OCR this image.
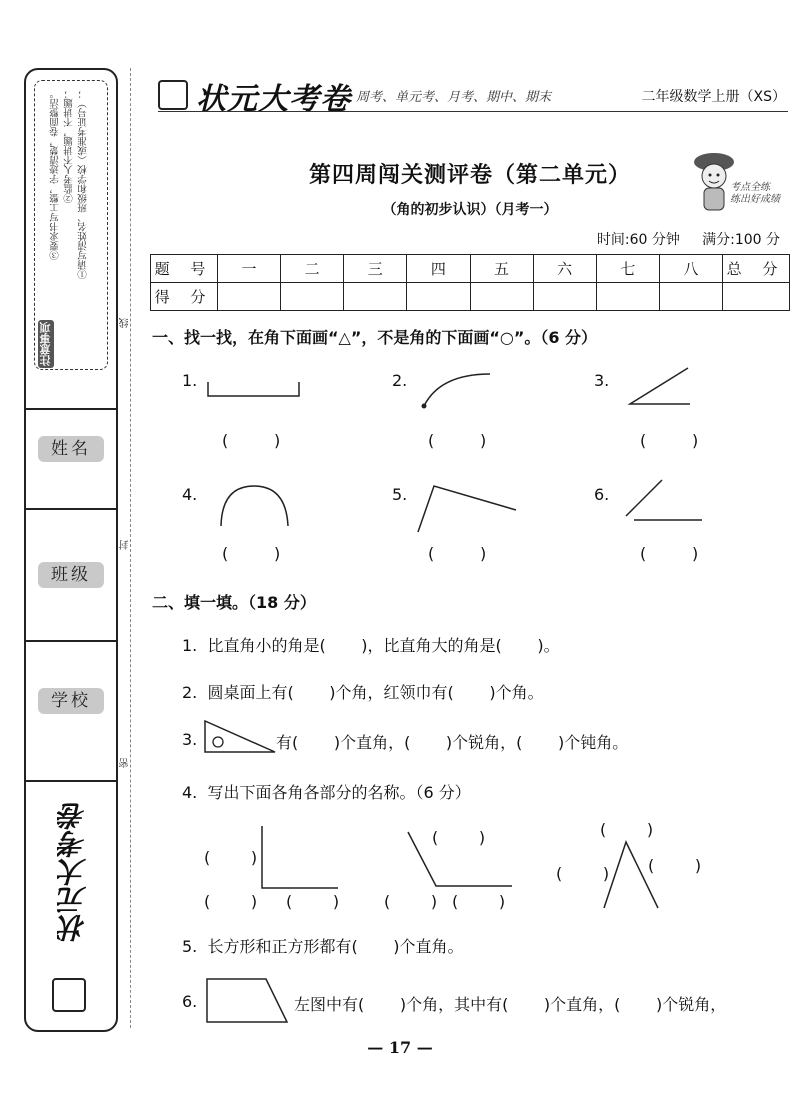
①请写清姓名、班级和学校（或准考证号）；
②监考人不讲题，不讲题；
③要求书写工整，字迹清楚，卷面整洁。
注意事项
姓名
班级
学校
状元大考卷
线
封
密
状元大考卷 周考、单元考、月考、期中、期末	二年级数学上册（XS）
第四周闯关测评卷（第二单元）
（角的初步认识）（月考一）
考点全练
练出好成绩
时间:60 分钟     满分:100 分
题 号	一	二	三	四	五	六	七	八	总 分
得 分									
一、找一找，在角下面画“△”，不是角的下面画“○”。（6 分）
1.
(         )
2.
(         )
3.
(         )
4.
(         )
5.
(         )
6.
(         )
二、填一填。（18 分）
1.  比直角小的角是(       )，比直角大的角是(       )。
2.  圆桌面上有(       )个角，红领巾有(       )个角。
3.	有(       )个直角，(       )个锐角，(       )个钝角。
4.  写出下面各角各部分的名称。（6 分）
(        )
(        ) (        )
(        )
(        ) (        )
(        )
(        ) (        )
5.  长方形和正方形都有(       )个直角。
6.	左图中有(       )个角，其中有(       )个直角，(       )个锐角，
— 17 —
